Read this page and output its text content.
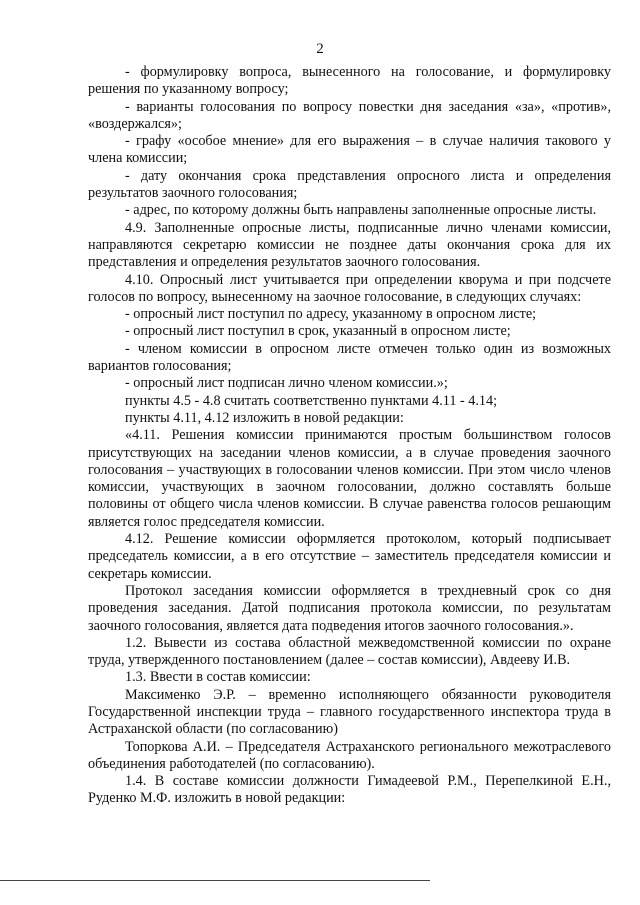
2

- формулировку вопроса, вынесенного на голосование, и формулировку решения по указанному вопросу;

- варианты голосования по вопросу повестки дня заседания «за», «против», «воздержался»;

- графу «особое мнение» для его выражения – в случае наличия такового у члена комиссии;

- дату окончания срока представления опросного листа и определения результатов заочного голосования;

- адрес, по которому должны быть направлены заполненные опросные листы.

4.9. Заполненные опросные листы, подписанные лично членами комиссии, направляются секретарю комиссии не позднее даты окончания срока для их представления и определения результатов заочного голосования.

4.10. Опросный лист учитывается при определении кворума и при подсчете голосов по вопросу, вынесенному на заочное голосование, в следующих случаях:

- опросный лист поступил по адресу, указанному в опросном листе;

- опросный лист поступил в срок, указанный в опросном листе;

- членом комиссии в опросном листе отмечен только один из возможных вариантов голосования;

- опросный лист подписан лично членом комиссии.»;

пункты 4.5 - 4.8 считать соответственно пунктами 4.11 - 4.14;

пункты 4.11, 4.12 изложить в новой редакции:

«4.11. Решения комиссии принимаются простым большинством голосов присутствующих на заседании членов комиссии, а в случае проведения заочного голосования – участвующих в голосовании членов комиссии. При этом число членов комиссии, участвующих в заочном голосовании, должно составлять больше половины от общего числа членов комиссии. В случае равенства голосов решающим является голос председателя комиссии.

4.12. Решение комиссии оформляется протоколом, который подписывает председатель комиссии, а в его отсутствие – заместитель председателя комиссии и секретарь комиссии.

Протокол заседания комиссии оформляется в трехдневный срок со дня проведения заседания. Датой подписания протокола комиссии, по результатам заочного голосования, является дата подведения итогов заочного голосования.».

1.2. Вывести из состава областной межведомственной комиссии по охране труда, утвержденного постановлением (далее – состав комиссии), Авдееву И.В.

1.3. Ввести в состав комиссии:

Максименко Э.Р. – временно исполняющего обязанности руководителя Государственной инспекции труда – главного государственного инспектора труда в Астраханской области (по согласованию)

Топоркова А.И. – Председателя Астраханского регионального межотраслевого объединения работодателей (по согласованию).

1.4. В составе комиссии должности Гимадеевой Р.М., Перепелкиной Е.Н., Руденко М.Ф. изложить в новой редакции:
